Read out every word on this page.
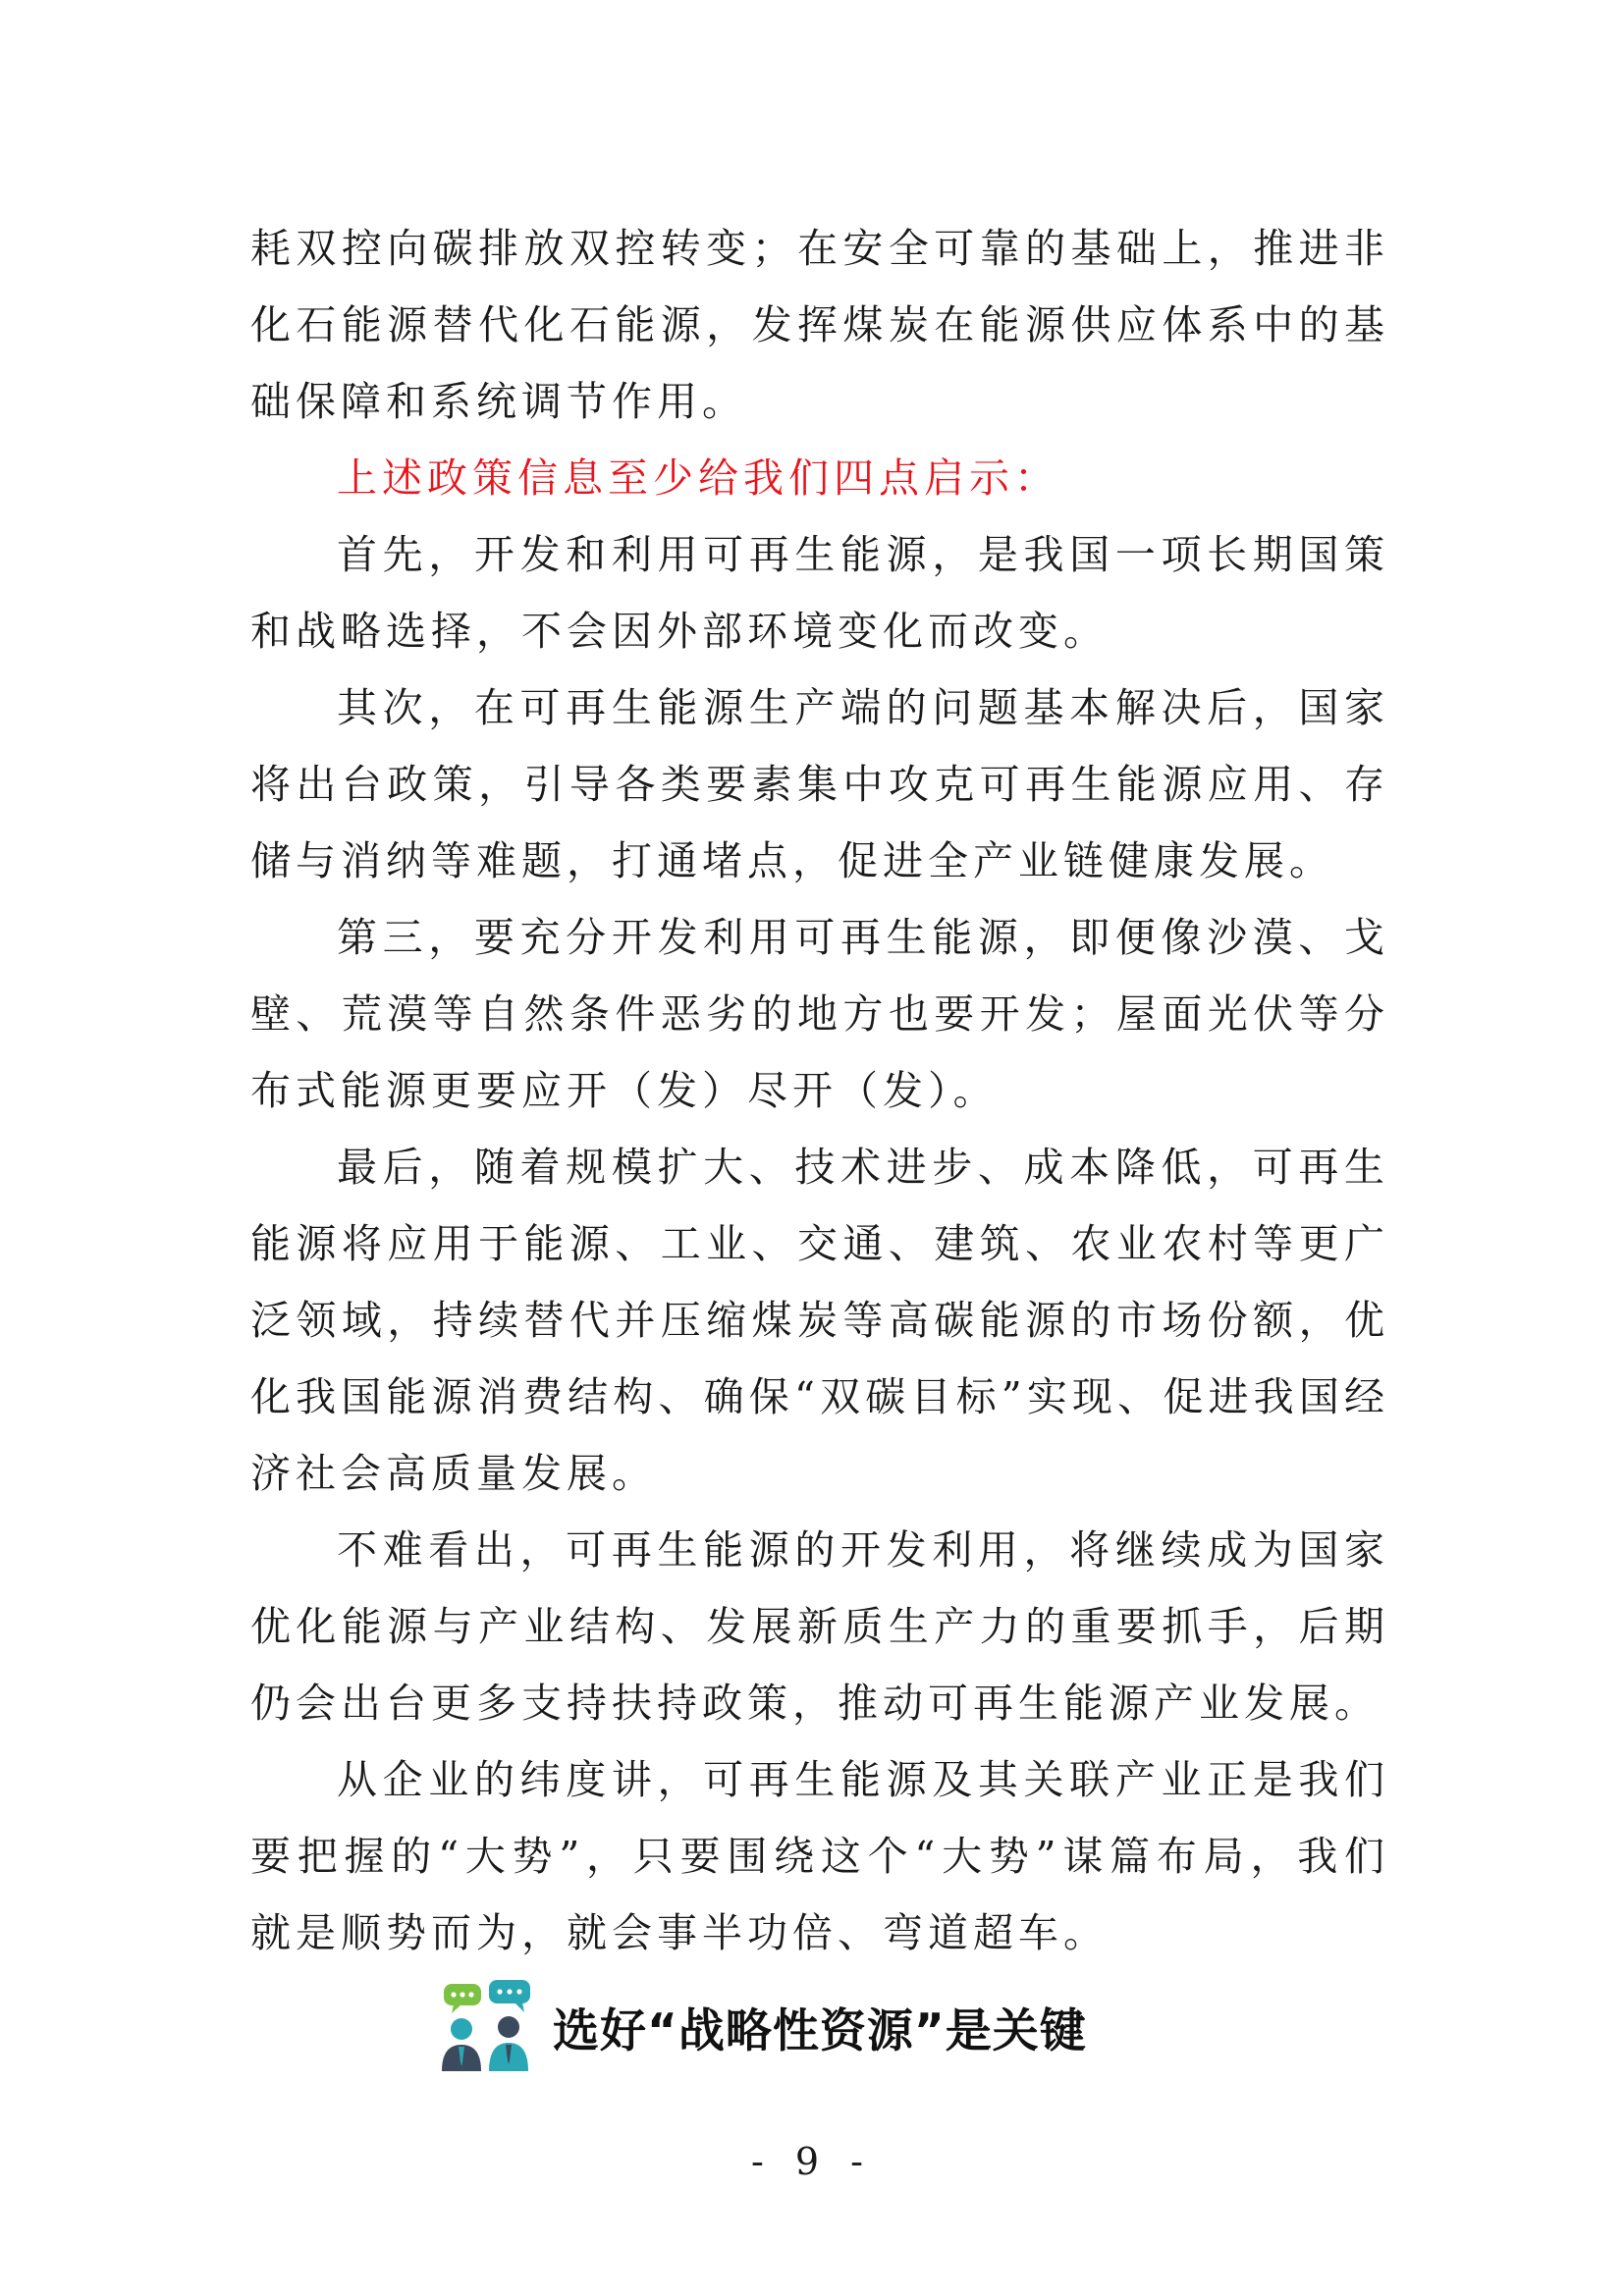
耗双控向碳排放双控转变；在安全可靠的基础上，推进非化石能源替代化石能源，发挥煤炭在能源供应体系中的基础保障和系统调节作用。

上述政策信息至少给我们四点启示：

首先，开发和利用可再生能源，是我国一项长期国策和战略选择，不会因外部环境变化而改变。

其次，在可再生能源生产端的问题基本解决后，国家将出台政策，引导各类要素集中攻克可再生能源应用、存储与消纳等难题，打通堵点，促进全产业链健康发展。

第三，要充分开发利用可再生能源，即便像沙漠、戈壁、荒漠等自然条件恶劣的地方也要开发；屋面光伏等分布式能源更要应开（发）尽开（发）。

最后，随着规模扩大、技术进步、成本降低，可再生能源将应用于能源、工业、交通、建筑、农业农村等更广泛领域，持续替代并压缩煤炭等高碳能源的市场份额，优化我国能源消费结构、确保“双碳目标”实现、促进我国经济社会高质量发展。

不难看出，可再生能源的开发利用，将继续成为国家优化能源与产业结构、发展新质生产力的重要抓手，后期仍会出台更多支持扶持政策，推动可再生能源产业发展。

从企业的纬度讲，可再生能源及其关联产业正是我们要把握的“大势”，只要围绕这个“大势”谋篇布局，我们就是顺势而为，就会事半功倍、弯道超车。

选好“战略性资源”是关键
- 9 -
